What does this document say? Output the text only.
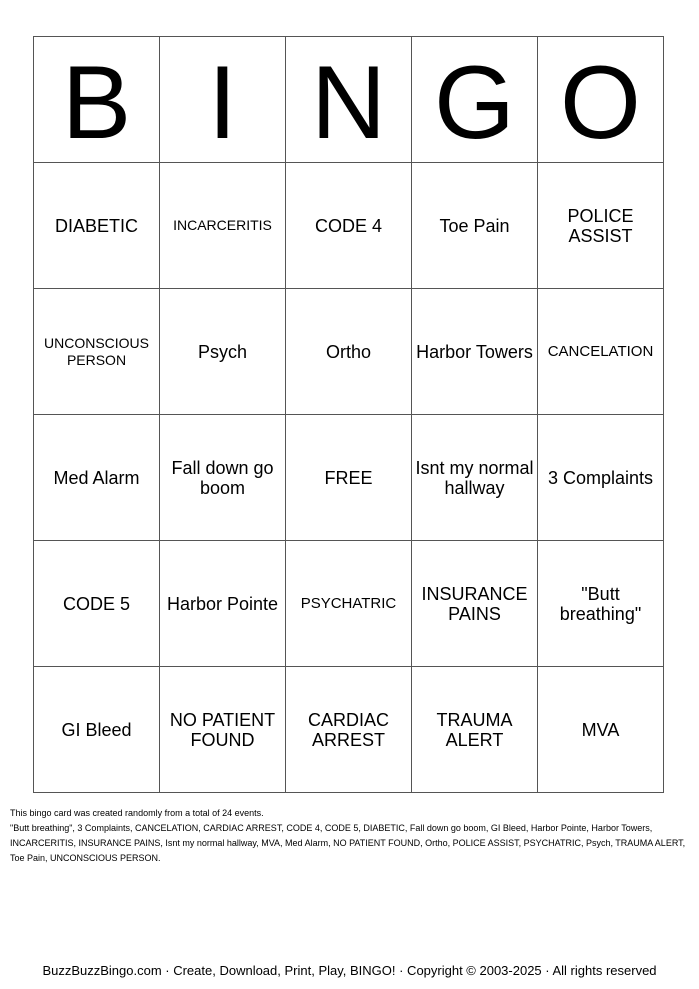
B	I	N	G	O
DIABETIC	INCARCERITIS	CODE 4	Toe Pain	POLICE ASSIST
UNCONSCIOUS PERSON	Psych	Ortho	Harbor Towers	CANCELATION
Med Alarm	Fall down go boom	FREE	Isnt my normal hallway	3 Complaints
CODE 5	Harbor Pointe	PSYCHATRIC	INSURANCE PAINS	"Butt breathing"
GI Bleed	NO PATIENT FOUND	CARDIAC ARREST	TRAUMA ALERT	MVA

This bingo card was created randomly from a total of 24 events.

"Butt breathing", 3 Complaints, CANCELATION, CARDIAC ARREST, CODE 4, CODE 5, DIABETIC, Fall down go boom, GI Bleed, Harbor Pointe, Harbor Towers, INCARCERITIS, INSURANCE PAINS, Isnt my normal hallway, MVA, Med Alarm, NO PATIENT FOUND, Ortho, POLICE ASSIST, PSYCHATRIC, Psych, TRAUMA ALERT, Toe Pain, UNCONSCIOUS PERSON.

BuzzBuzzBingo.com · Create, Download, Print, Play, BINGO! · Copyright © 2003-2025 · All rights reserved
